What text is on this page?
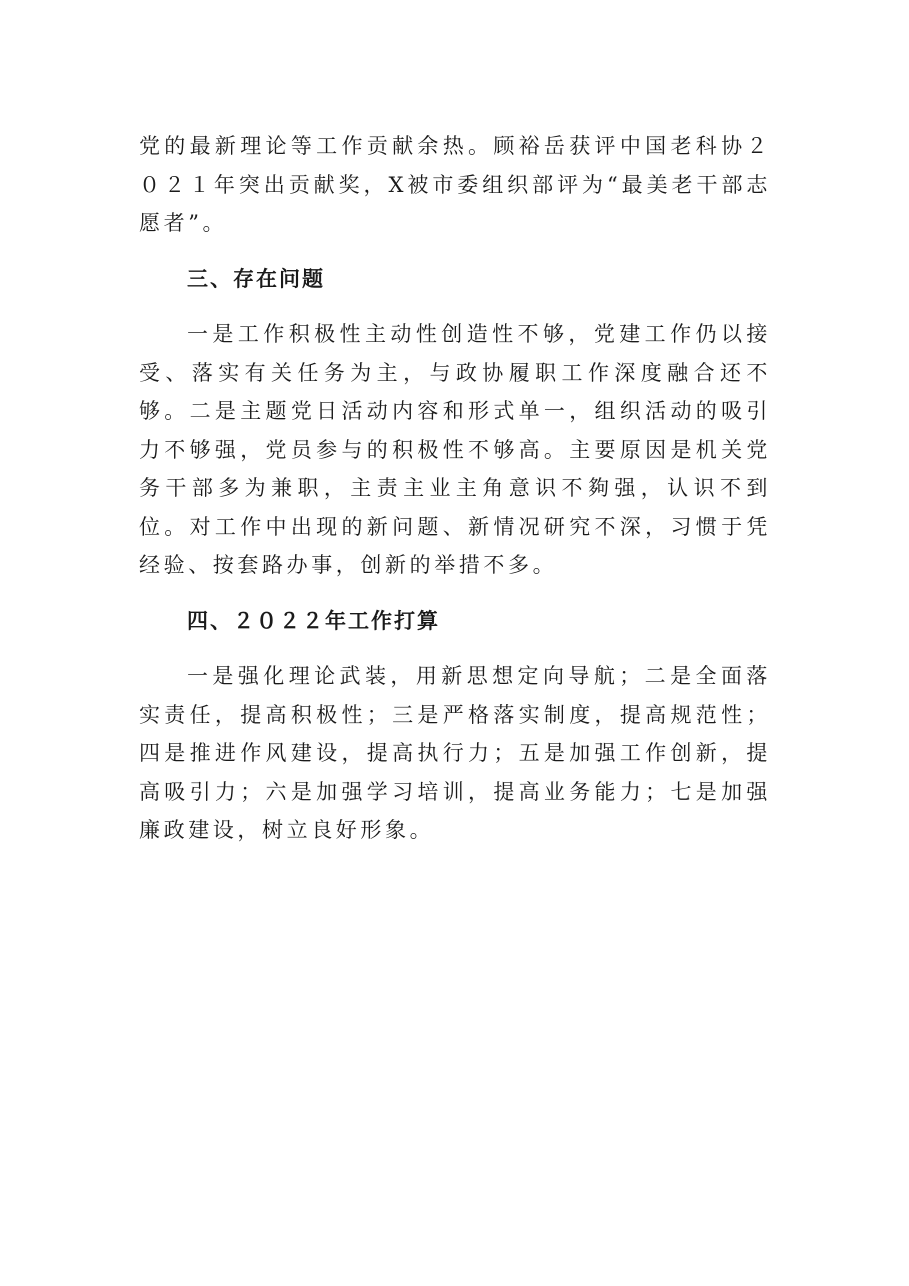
党的最新理论等工作贡献余热。顾裕岳获评中国老科协２０２１年突出贡献奖，X被市委组织部评为“最美老干部志愿者”。

三、存在问题

一是工作积极性主动性创造性不够，党建工作仍以接受、落实有关任务为主，与政协履职工作深度融合还不够。二是主题党日活动内容和形式单一，组织活动的吸引力不够强，党员参与的积极性不够高。主要原因是机关党务干部多为兼职，主责主业主角意识不夠强，认识不到位。对工作中出现的新问题、新情况研究不深，习惯于凭经验、按套路办事，创新的举措不多。

四、２０２２年工作打算

一是强化理论武装，用新思想定向导航；二是全面落实责任，提高积极性；三是严格落实制度，提高规范性；四是推进作风建设，提高执行力；五是加强工作创新，提高吸引力；六是加强学习培训，提高业务能力；七是加强廉政建设，树立良好形象。
